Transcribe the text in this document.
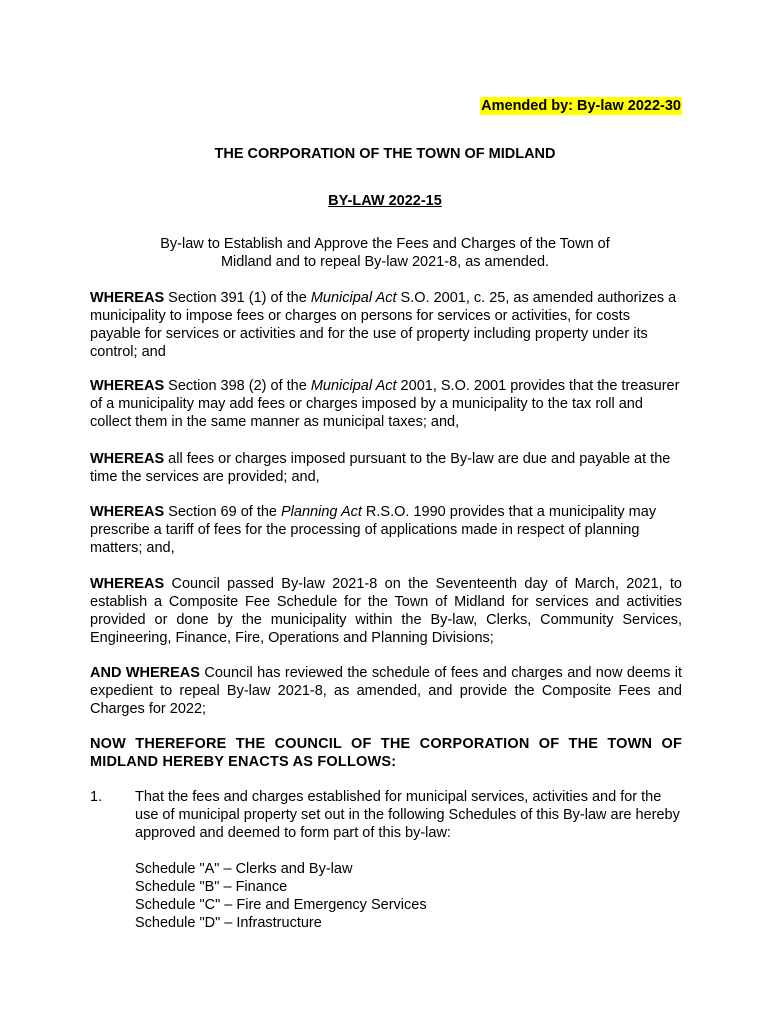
Amended by: By-law 2022-30
THE CORPORATION OF THE TOWN OF MIDLAND
BY-LAW 2022-15
By-law to Establish and Approve the Fees and Charges of the Town of Midland and to repeal By-law 2021-8, as amended.

WHEREAS Section 391 (1) of the Municipal Act S.O. 2001, c. 25, as amended authorizes a municipality to impose fees or charges on persons for services or activities, for costs payable for services or activities and for the use of property including property under its control; and

WHEREAS Section 398 (2) of the Municipal Act 2001, S.O. 2001 provides that the treasurer of a municipality may add fees or charges imposed by a municipality to the tax roll and collect them in the same manner as municipal taxes; and,

WHEREAS all fees or charges imposed pursuant to the By-law are due and payable at the time the services are provided; and,

WHEREAS Section 69 of the Planning Act R.S.O. 1990 provides that a municipality may prescribe a tariff of fees for the processing of applications made in respect of planning matters; and,

WHEREAS Council passed By-law 2021-8 on the Seventeenth day of March, 2021, to establish a Composite Fee Schedule for the Town of Midland for services and activities provided or done by the municipality within the By-law, Clerks, Community Services, Engineering, Finance, Fire, Operations and Planning Divisions;

AND WHEREAS Council has reviewed the schedule of fees and charges and now deems it expedient to repeal By-law 2021-8, as amended, and provide the Composite Fees and Charges for 2022;

NOW THEREFORE THE COUNCIL OF THE CORPORATION OF THE TOWN OF MIDLAND HEREBY ENACTS AS FOLLOWS:
1. That the fees and charges established for municipal services, activities and for the use of municipal property set out in the following Schedules of this By-law are hereby approved and deemed to form part of this by-law:
Schedule "A" – Clerks and By-law
Schedule "B" – Finance
Schedule "C" – Fire and Emergency Services
Schedule "D" – Infrastructure
